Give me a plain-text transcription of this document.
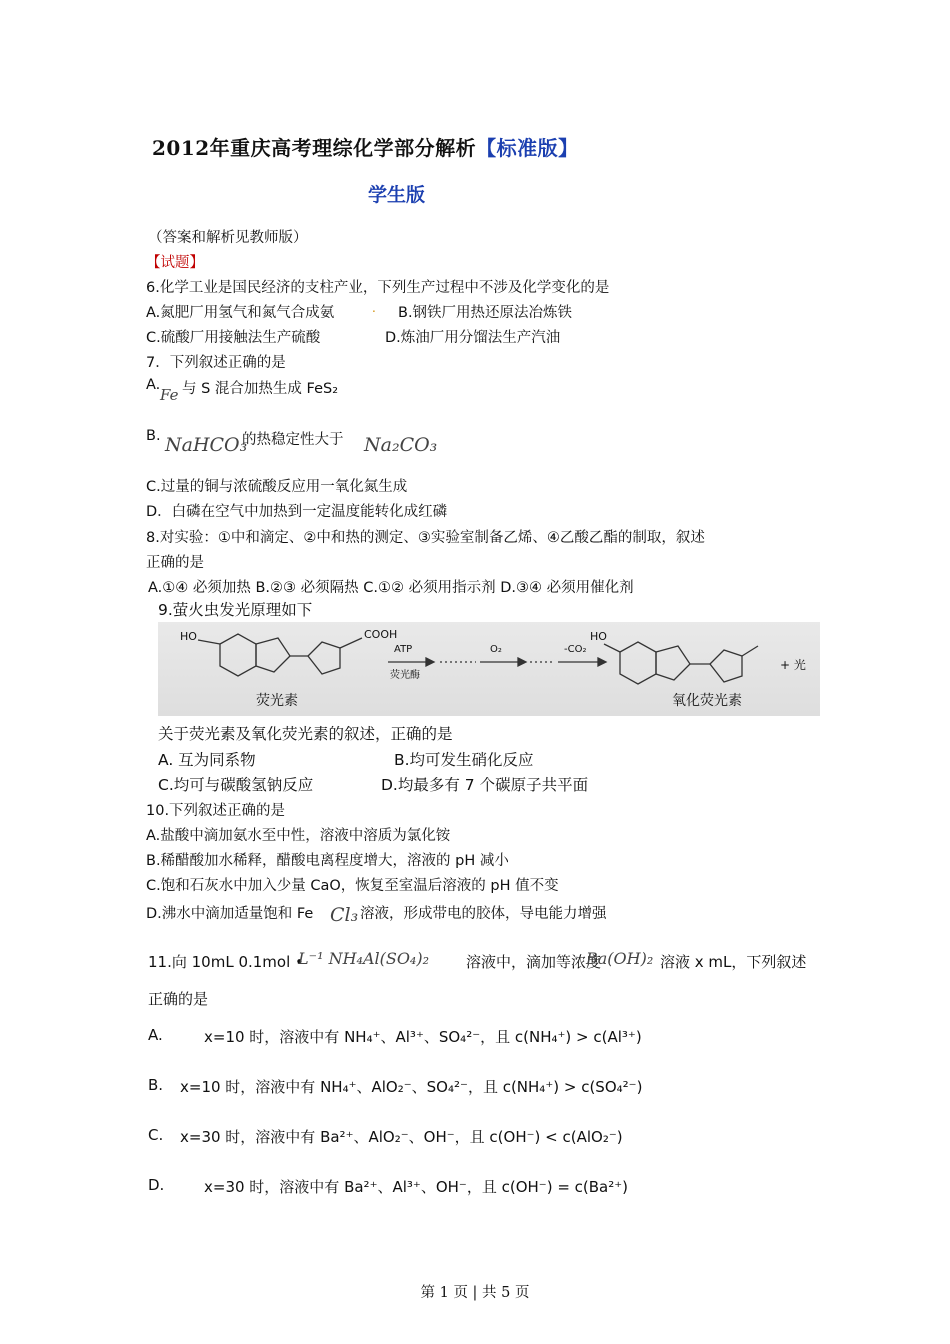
2012年重庆高考理综化学部分解析【标准版】
学生版
（答案和解析见教师版）
【试题】
6.化学工业是国民经济的支柱产业，下列生产过程中不涉及化学变化的是
A.氮肥厂用氢气和氮气合成氨	. B.钢铁厂用热还原法冶炼铁
C.硫酸厂用接触法生产硫酸	D.炼油厂用分馏法生产汽油
7．下列叙述正确的是
A.
Fe 与 S 混合加热生成 FeS₂
B. NaHCO₃
的热稳定性大于 Na₂CO₃
C.过量的铜与浓硫酸反应用一氧化氮生成
D．白磷在空气中加热到一定温度能转化成红磷
8.对实验：①中和滴定、②中和热的测定、③实验室制备乙烯、④乙酸乙酯的制取，叙述
正确的是
A.①④ 必须加热 B.②③ 必须隔热 C.①② 必须用指示剂 D.③④ 必须用催化剂
9.萤火虫发光原理如下
HO	COOH
ATP
荧光酶
O₂	-CO₂
HO
+ 光
荧光素	氧化荧光素
关于荧光素及氧化荧光素的叙述，正确的是
A. 互为同系物	B.均可发生硝化反应
C.均可与碳酸氢钠反应	D.均最多有 7 个碳原子共平面
10.下列叙述正确的是
A.盐酸中滴加氨水至中性，溶液中溶质为氯化铵
B.稀醋酸加水稀释，醋酸电离程度增大，溶液的 pH 减小
C.饱和石灰水中加入少量 CaO，恢复至室温后溶液的 pH 值不变
D.沸水中滴加适量饱和 Fe Cl₃ 溶液，形成带电的胶体，导电能力增强
11.向 10mL 0.1mol •
L⁻¹ NH₄Al(SO₄)₂ 溶液中，滴加等浓度
Ba(OH)₂ 溶液 x mL，下列叙述
正确的是
A.	x=10 时，溶液中有 NH₄⁺、Al³⁺、SO₄²⁻，且 c(NH₄⁺) > c(Al³⁺)
B. x=10 时，溶液中有 NH₄⁺、AlO₂⁻、SO₄²⁻，且 c(NH₄⁺) > c(SO₄²⁻)
C. x=30 时，溶液中有 Ba²⁺、AlO₂⁻、OH⁻，且 c(OH⁻) < c(AlO₂⁻)
D.	x=30 时，溶液中有 Ba²⁺、Al³⁺、OH⁻，且 c(OH⁻) = c(Ba²⁺)
第 1 页 | 共 5 页
